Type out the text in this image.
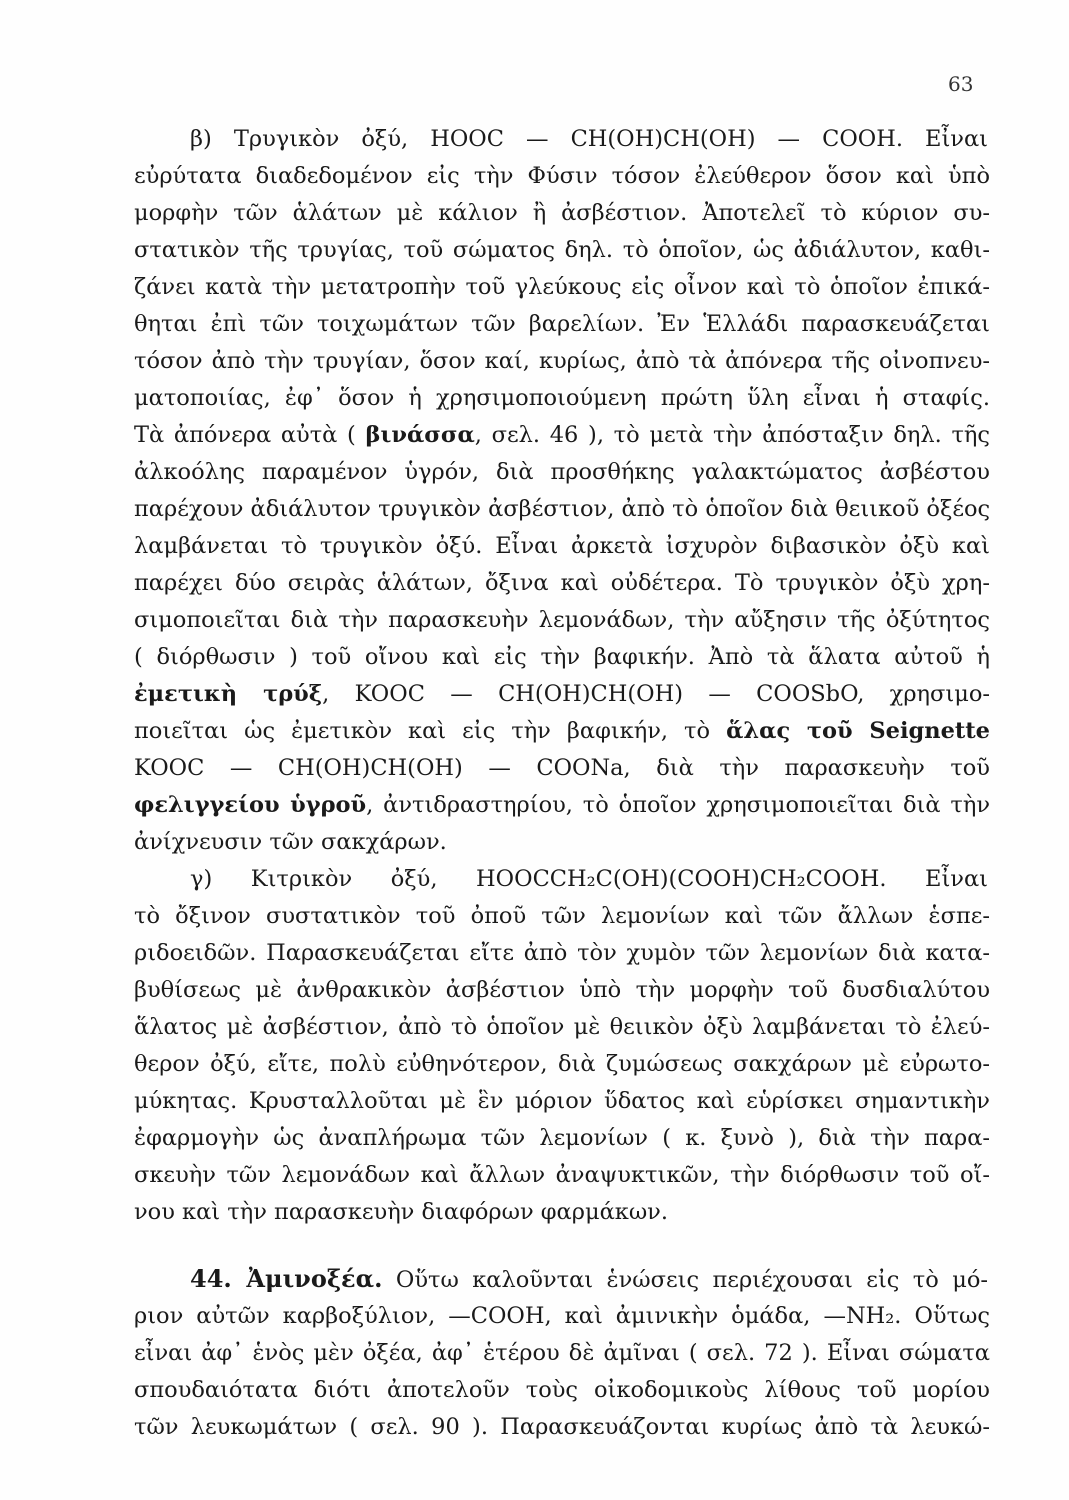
63
β) Τρυγικὸν ὀξύ, HOOC — CH(OH)CH(OH) — COOH. Εἶναι
εὐρύτατα διαδεδομένον εἰς τὴν Φύσιν τόσον ἐλεύθερον ὅσον καὶ ὑπὸ
μορφὴν τῶν ἁλάτων μὲ κάλιον ἢ ἀσβέστιον. Ἀποτελεῖ τὸ κύριον συ-
στατικὸν τῆς τρυγίας, τοῦ σώματος δηλ. τὸ ὁποῖον, ὡς ἀδιάλυτον, καθι-
ζάνει κατὰ τὴν μετατροπὴν τοῦ γλεύκους εἰς οἶνον καὶ τὸ ὁποῖον ἐπικά-
θηται ἐπὶ τῶν τοιχωμάτων τῶν βαρελίων. Ἐν Ἑλλάδι παρασκευάζεται
τόσον ἀπὸ τὴν τρυγίαν, ὅσον καί, κυρίως, ἀπὸ τὰ ἀπόνερα τῆς οἰνοπνευ-
ματοποιίας, ἐφ᾽ ὅσον ἡ χρησιμοποιούμενη πρώτη ὕλη εἶναι ἡ σταφίς.
Τὰ ἀπόνερα αὐτὰ ( βινάσσα, σελ. 46 ), τὸ μετὰ τὴν ἀπόσταξιν δηλ. τῆς
ἀλκοόλης παραμένον ὑγρόν, διὰ προσθήκης γαλακτώματος ἀσβέστου
παρέχουν ἀδιάλυτον τρυγικὸν ἀσβέστιον, ἀπὸ τὸ ὁποῖον διὰ θειικοῦ ὀξέος
λαμβάνεται τὸ τρυγικὸν ὀξύ. Εἶναι ἀρκετὰ ἰσχυρὸν διβασικὸν ὀξὺ καὶ
παρέχει δύο σειρὰς ἁλάτων, ὄξινα καὶ οὐδέτερα. Τὸ τρυγικὸν ὀξὺ χρη-
σιμοποιεῖται διὰ τὴν παρασκευὴν λεμονάδων, τὴν αὔξησιν τῆς ὀξύτητος
( διόρθωσιν ) τοῦ οἴνου καὶ εἰς τὴν βαφικήν. Ἀπὸ τὰ ἅλατα αὐτοῦ ἡ
ἐμετικὴ τρύξ, KOOC — CH(OH)CH(OH) — COOSbO, χρησιμο-
ποιεῖται ὡς ἐμετικὸν καὶ εἰς τὴν βαφικήν, τὸ ἅλας τοῦ Seignette
KOOC — CH(OH)CH(OH) — COONa, διὰ τὴν παρασκευὴν τοῦ
φελιγγείου ὑγροῦ, ἀντιδραστηρίου, τὸ ὁποῖον χρησιμοποιεῖται διὰ τὴν
ἀνίχνευσιν τῶν σακχάρων.
γ) Κιτρικὸν ὀξύ, HOOCCH₂C(OH)(COOH)CH₂COOH. Εἶναι
τὸ ὄξινον συστατικὸν τοῦ ὀποῦ τῶν λεμονίων καὶ τῶν ἄλλων ἑσπε-
ριδοειδῶν. Παρασκευάζεται εἴτε ἀπὸ τὸν χυμὸν τῶν λεμονίων διὰ κατα-
βυθίσεως μὲ ἀνθρακικὸν ἀσβέστιον ὑπὸ τὴν μορφὴν τοῦ δυσδιαλύτου
ἅλατος μὲ ἀσβέστιον, ἀπὸ τὸ ὁποῖον μὲ θειικὸν ὀξὺ λαμβάνεται τὸ ἐλεύ-
θερον ὀξύ, εἴτε, πολὺ εὐθηνότερον, διὰ ζυμώσεως σακχάρων μὲ εὐρωτο-
μύκητας. Κρυσταλλοῦται μὲ ἓν μόριον ὕδατος καὶ εὑρίσκει σημαντικὴν
ἐφαρμογὴν ὡς ἀναπλήρωμα τῶν λεμονίων ( κ. ξυνὸ ), διὰ τὴν παρα-
σκευὴν τῶν λεμονάδων καὶ ἄλλων ἀναψυκτικῶν, τὴν διόρθωσιν τοῦ οἴ-
νου καὶ τὴν παρασκευὴν διαφόρων φαρμάκων.
44. Ἀμινοξέα. Οὕτω καλοῦνται ἑνώσεις περιέχουσαι εἰς τὸ μό-
ριον αὐτῶν καρβοξύλιον, —COOH, καὶ ἀμινικὴν ὁμάδα, —NH₂. Οὕτως
εἶναι ἀφ᾽ ἑνὸς μὲν ὀξέα, ἀφ᾽ ἑτέρου δὲ ἀμῖναι ( σελ. 72 ). Εἶναι σώματα
σπουδαιότατα διότι ἀποτελοῦν τοὺς οἰκοδομικοὺς λίθους τοῦ μορίου
τῶν λευκωμάτων ( σελ. 90 ). Παρασκευάζονται κυρίως ἀπὸ τὰ λευκώ-
